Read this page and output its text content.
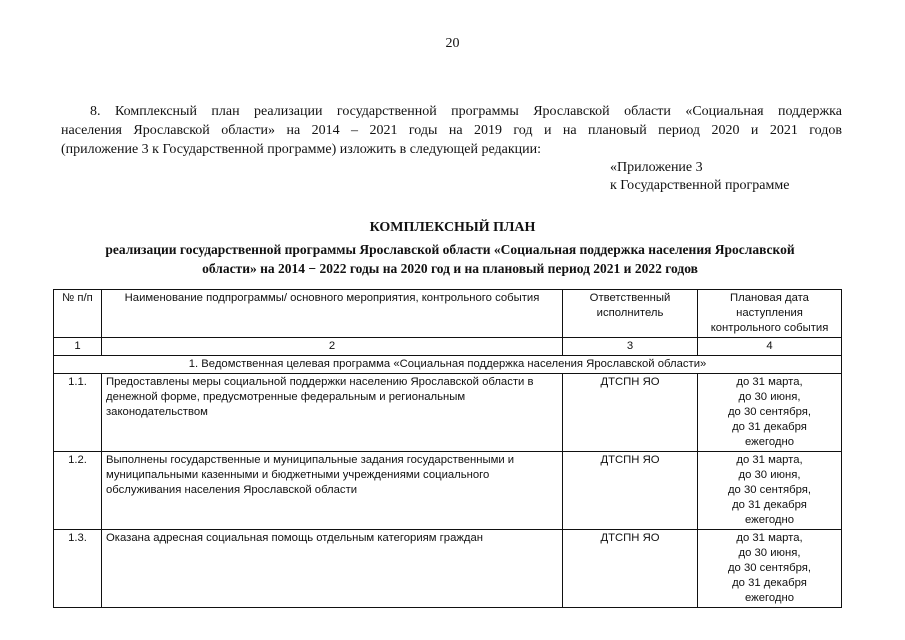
20
8. Комплексный план реализации государственной программы Ярославской области «Социальная поддержка
населения Ярославской области» на 2014 – 2021 годы на 2019 год и на плановый период 2020 и 2021 годов
(приложение 3 к Государственной программе) изложить в следующей редакции:
«Приложение 3
к Государственной программе
КОМПЛЕКСНЫЙ ПЛАН
реализации государственной программы Ярославской области «Социальная поддержка населения Ярославской
области» на 2014 − 2022 годы на 2020 год и на плановый период 2021 и 2022 годов
№ п/п	Наименование подпрограммы/ основного мероприятия, контрольного события	Ответственный исполнитель	Плановая дата наступления контрольного события
1	2	3	4
1. Ведомственная целевая программа «Социальная поддержка населения Ярославской области»			
1.1.	Предоставлены меры социальной поддержки населению Ярославской области в денежной форме, предусмотренные федеральным и региональным законодательством	ДТСПН ЯО	до 31 марта,
до 30 июня,
до 30 сентября,
до 31 декабря
ежегодно

1.2.	Выполнены государственные и муниципальные задания государственными и муниципальными казенными и бюджетными учреждениями социального обслуживания населения Ярославской области	ДТСПН ЯО	до 31 марта,
до 30 июня,
до 30 сентября,
до 31 декабря
ежегодно

1.3.	Оказана адресная социальная помощь отдельным категориям граждан	ДТСПН ЯО	до 31 марта,
до 30 июня,
до 30 сентября,
до 31 декабря
ежегодно
